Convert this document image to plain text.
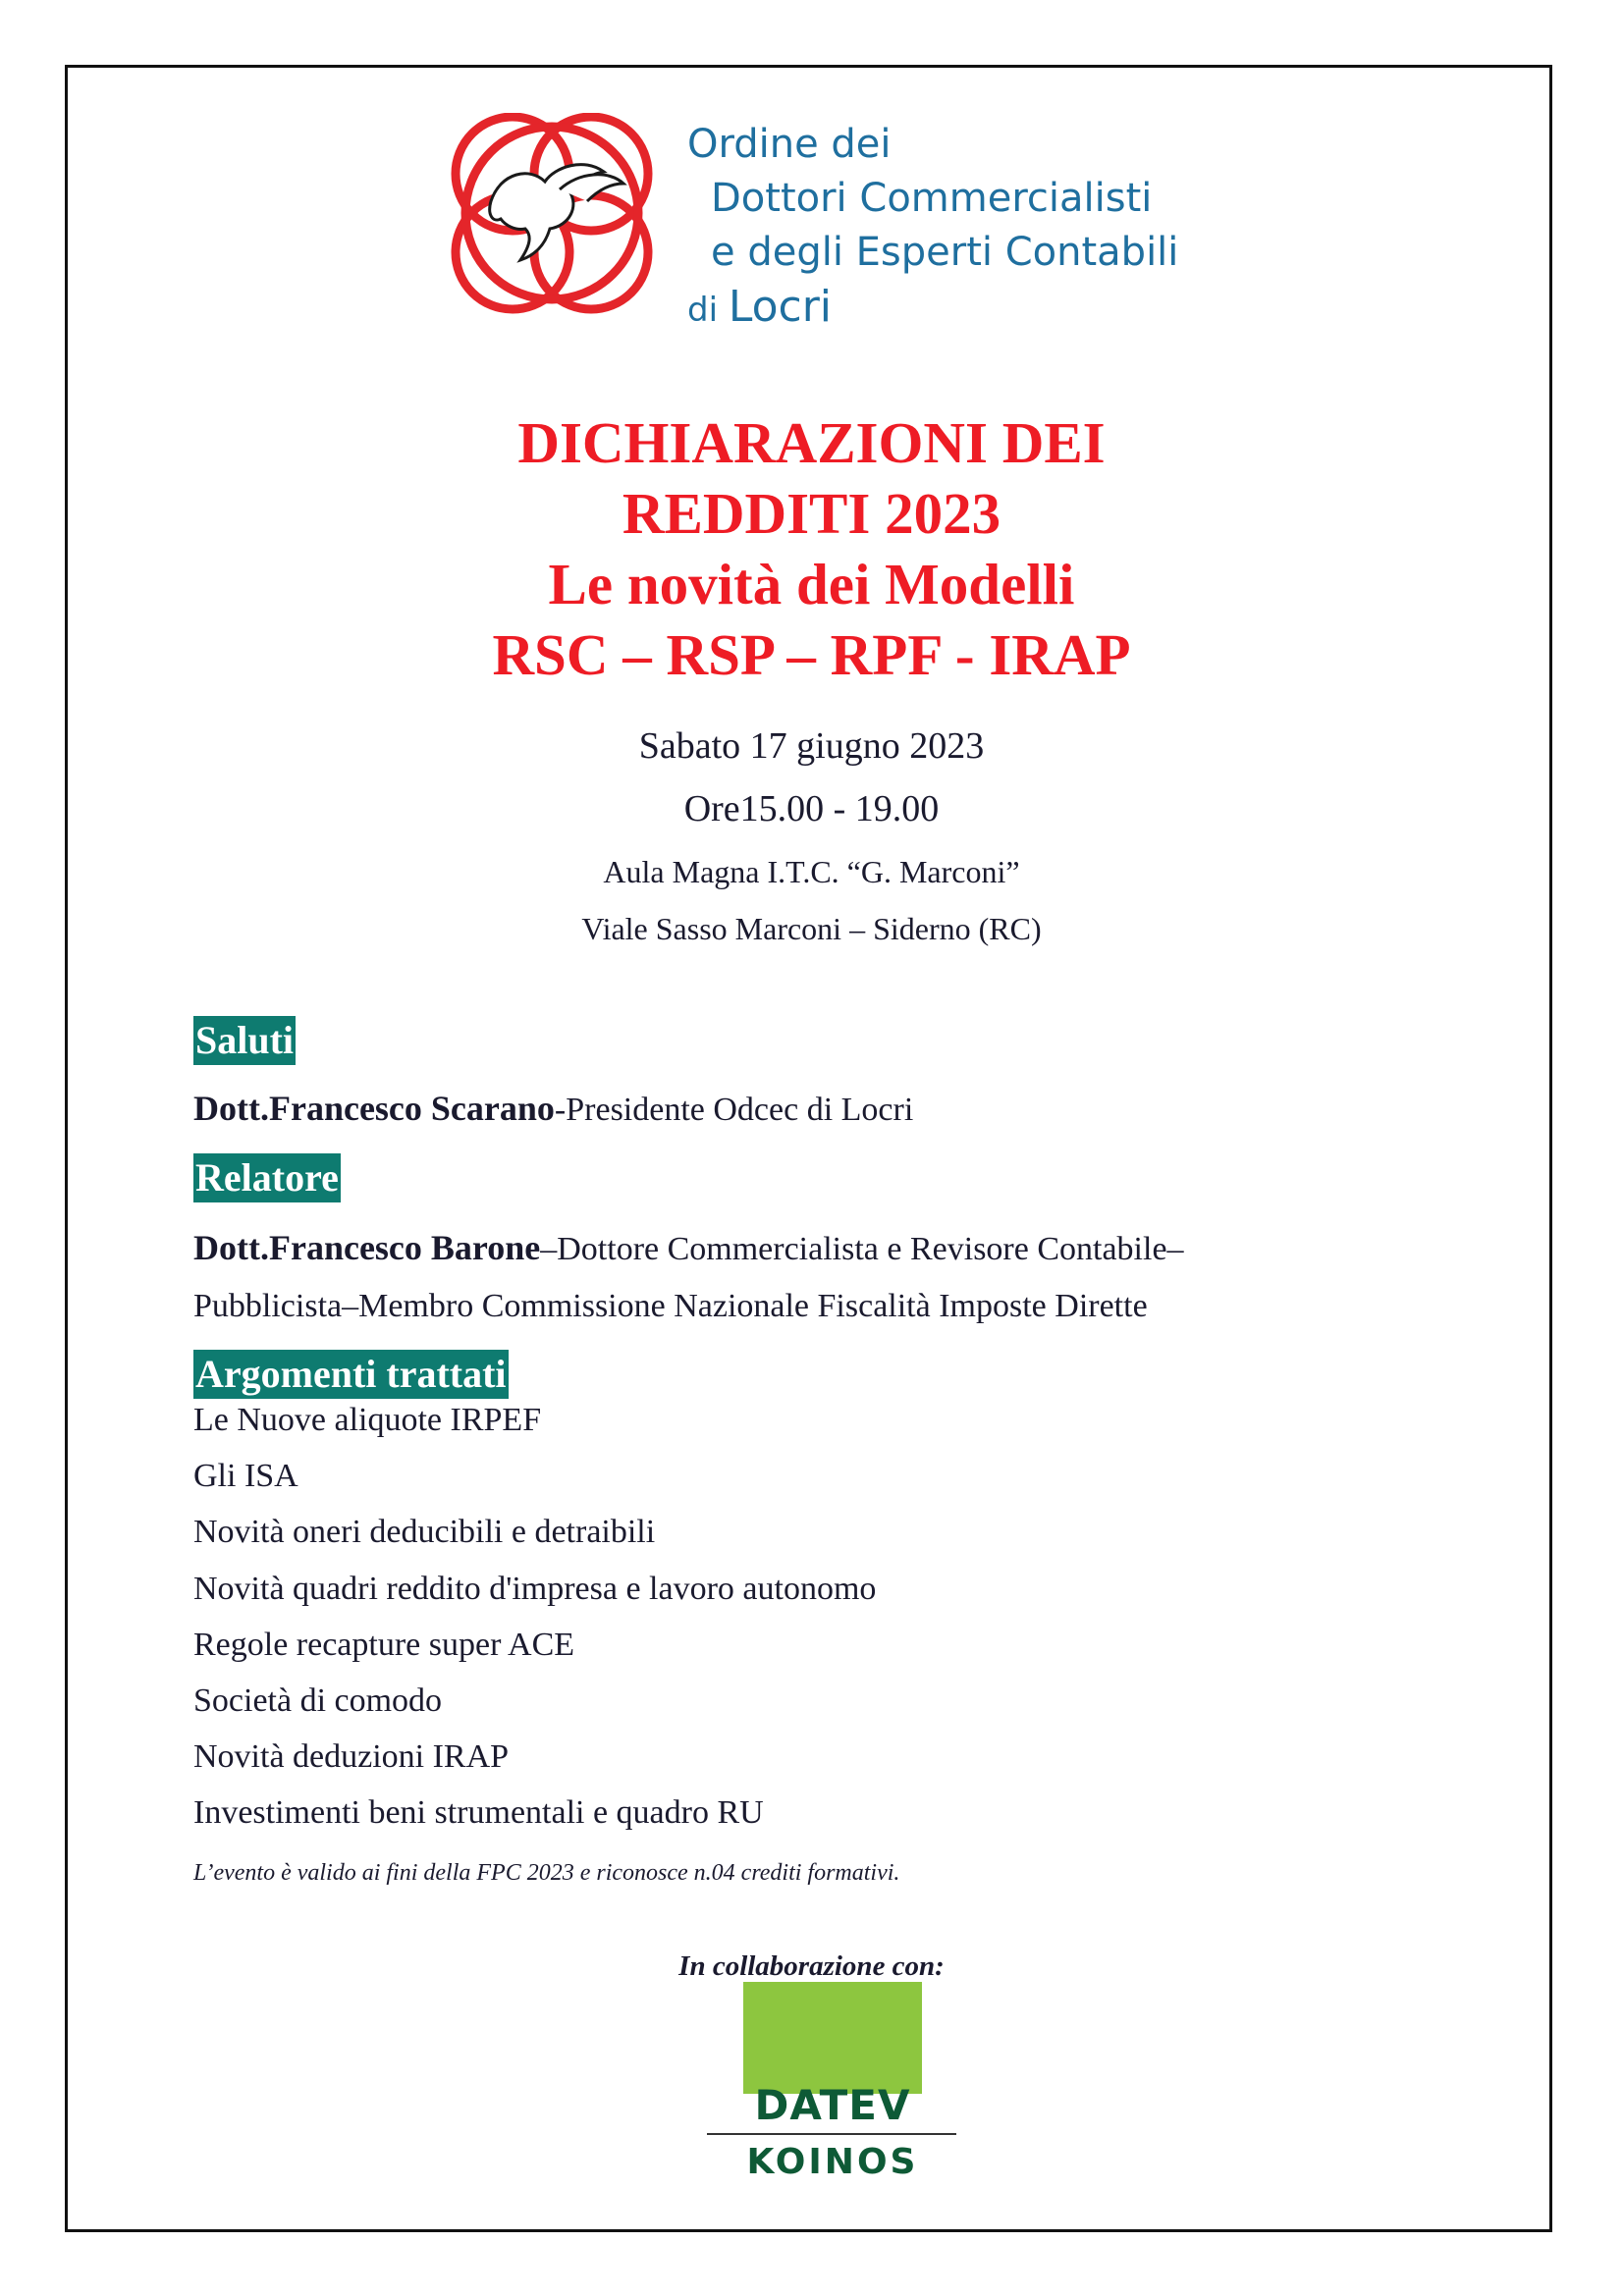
Ordine dei
Dottori Commercialisti
e degli Esperti Contabili
di Locri
DICHIARAZIONI DEI
REDDITI 2023
Le novità dei Modelli
RSC – RSP – RPF - IRAP
Sabato 17 giugno 2023
Ore15.00 - 19.00
Aula Magna I.T.C. “G. Marconi”
Viale Sasso Marconi – Siderno (RC)
Saluti
Dott.Francesco Scarano-Presidente Odcec di Locri
Relatore
Dott.Francesco Barone–Dottore Commercialista e Revisore Contabile–
Pubblicista–Membro Commissione Nazionale Fiscalità Imposte Dirette
Argomenti trattati
Le Nuove aliquote IRPEF
Gli ISA
Novità oneri deducibili e detraibili
Novità quadri reddito d'impresa e lavoro autonomo
Regole recapture super ACE
Società di comodo
Novità deduzioni IRAP
Investimenti beni strumentali e quadro RU
L’evento è valido ai fini della FPC 2023 e riconosce n.04 crediti formativi.
In collaborazione con:
DATEV
KOINOS
